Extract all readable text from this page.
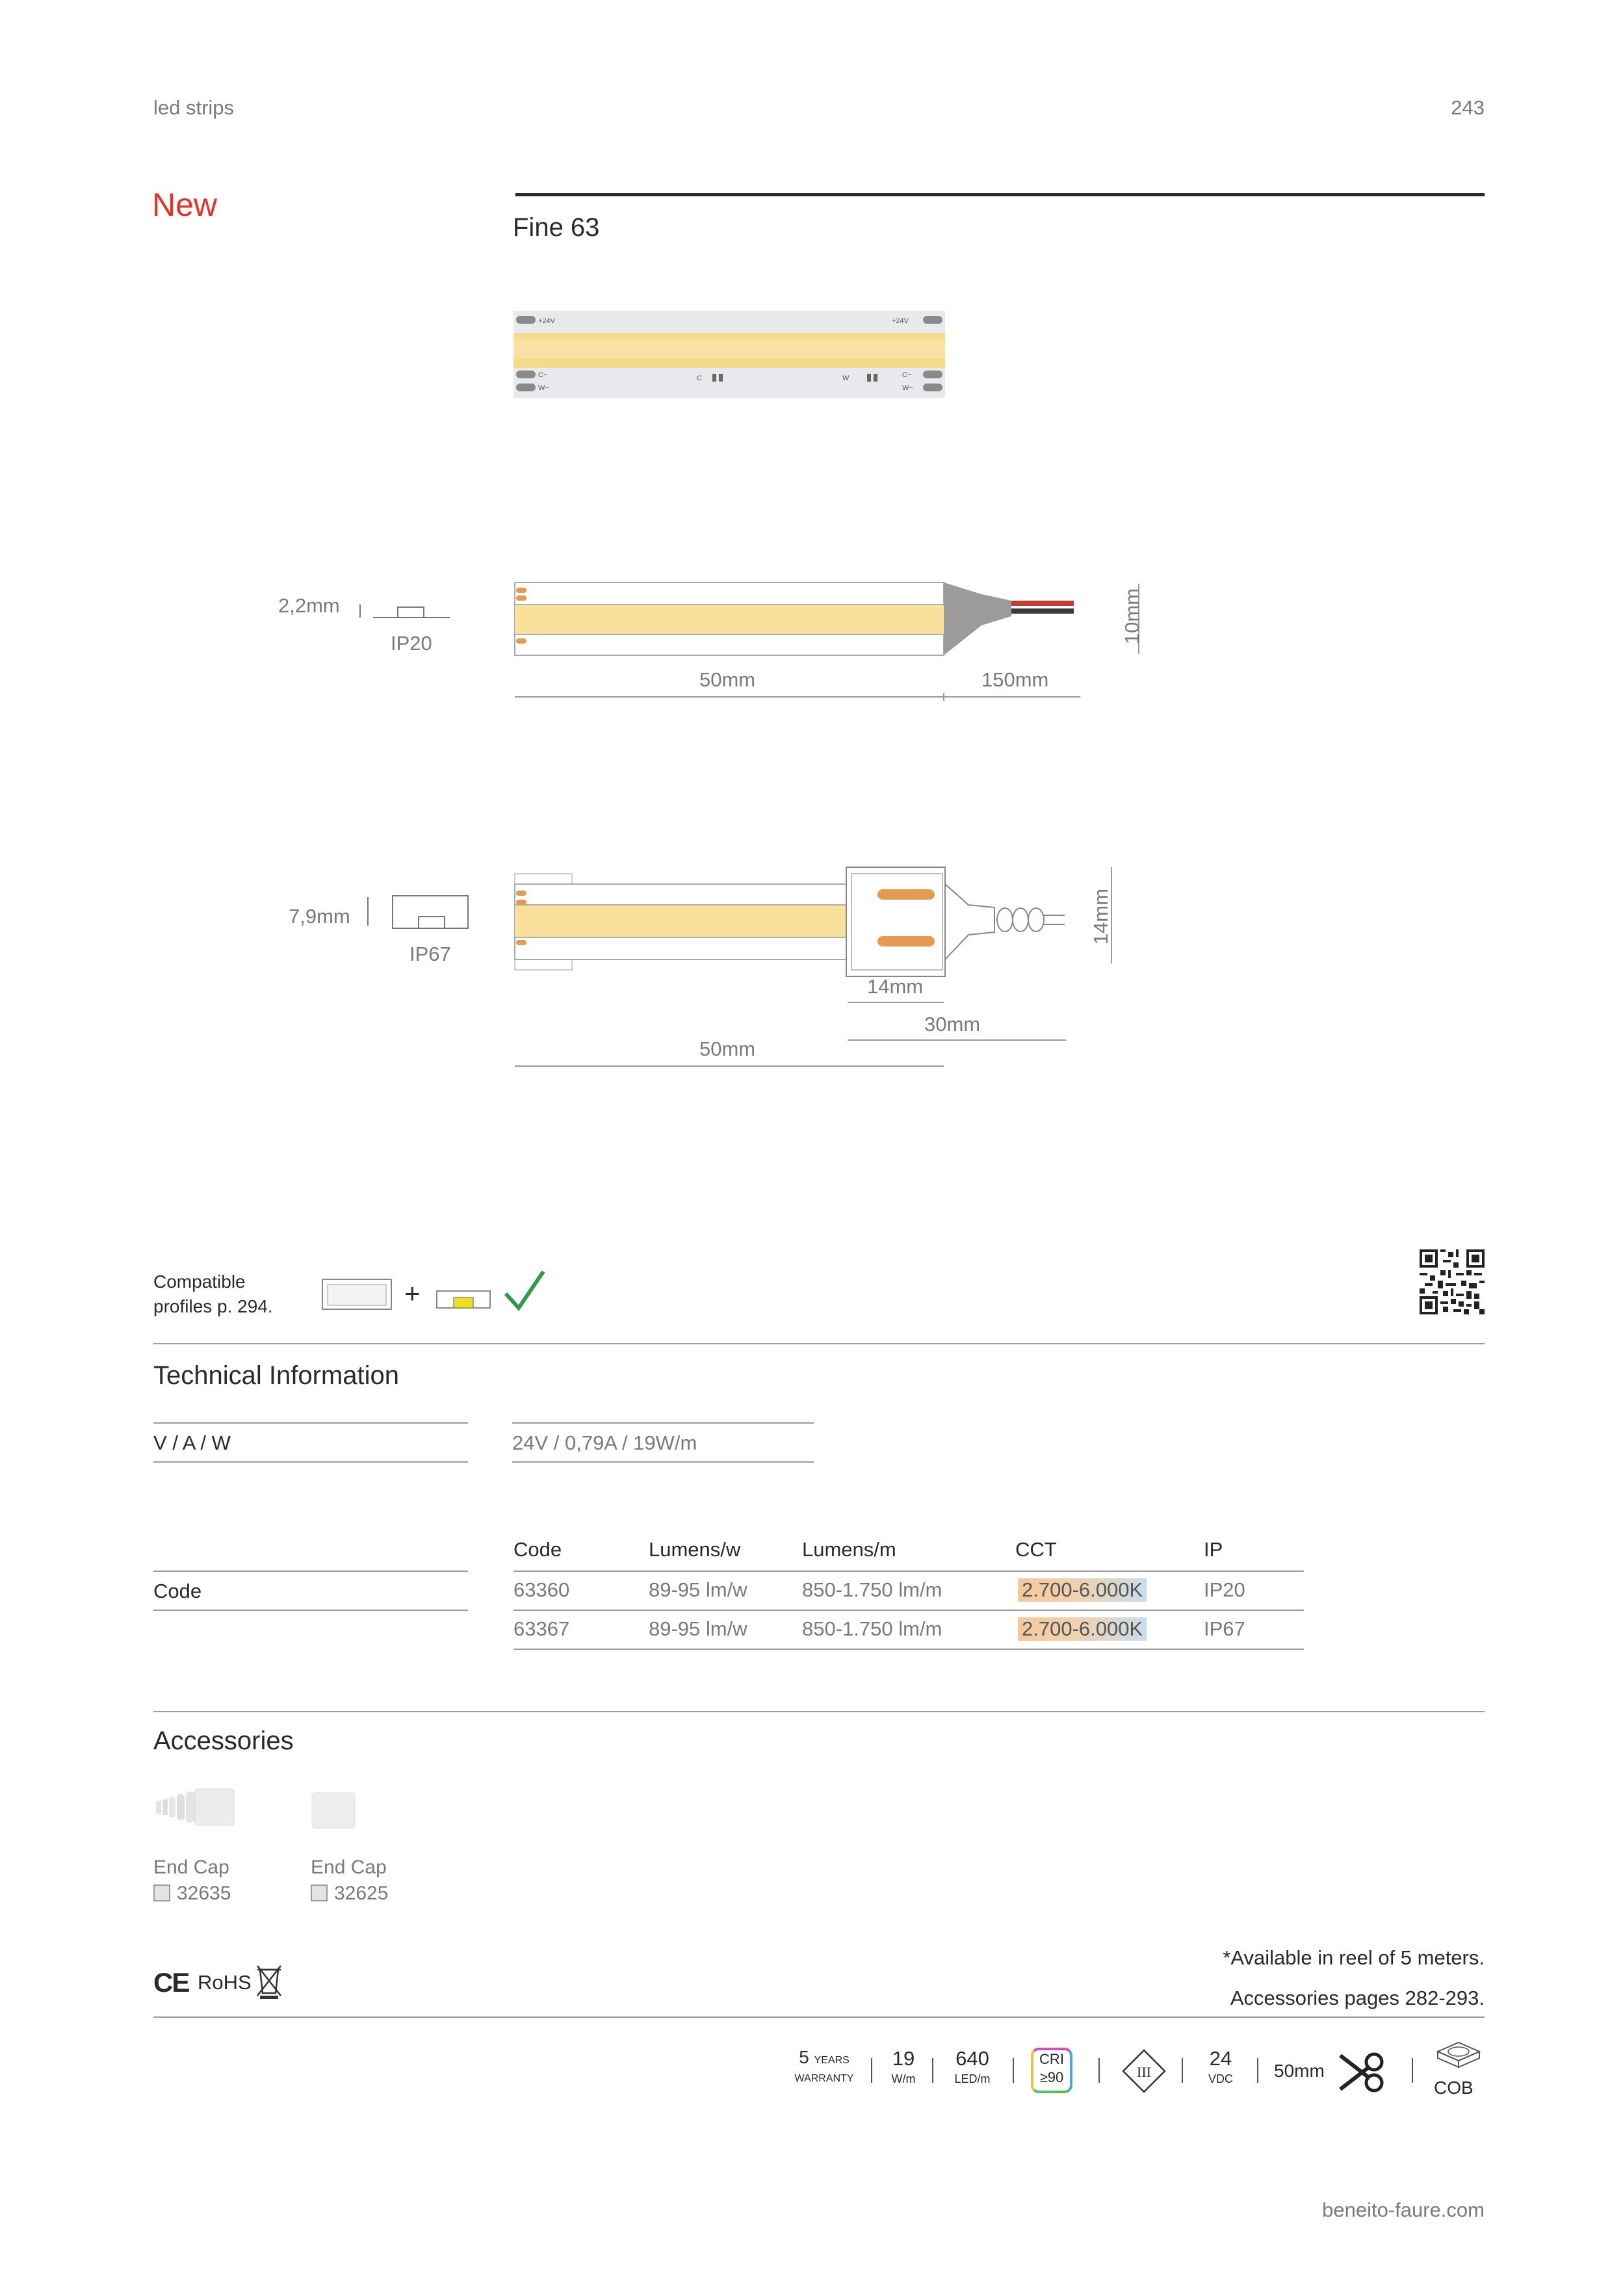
led strips	243
New
Fine 63
+24V	+24V
C−
W−
C	W	C−
W−
2,2mm
IP20
50mm	150mm
10mm
7,9mm
IP67
14mm
30mm
50mm
14mm
Compatible
profiles p. 294.	+
Technical Information
V / A / W	24V / 0,79A / 19W/m
Code	Lumens/w	Lumens/m	CCT	IP
Code	63360	89-95 lm/w	850-1.750 lm/m	2.700-6.000K	IP20
63367	89-95 lm/w	850-1.750 lm/m	2.700-6.000K	IP67
Accessories
End Cap
32635
End Cap
32625
CE RoHS
*Available in reel of 5 meters.
Accessories pages 282-293.
5 YEARS
WARRANTY
19
W/m
640
LED/m
CRI
≥90	III
24
VDC	50mm
COB
beneito-faure.com
